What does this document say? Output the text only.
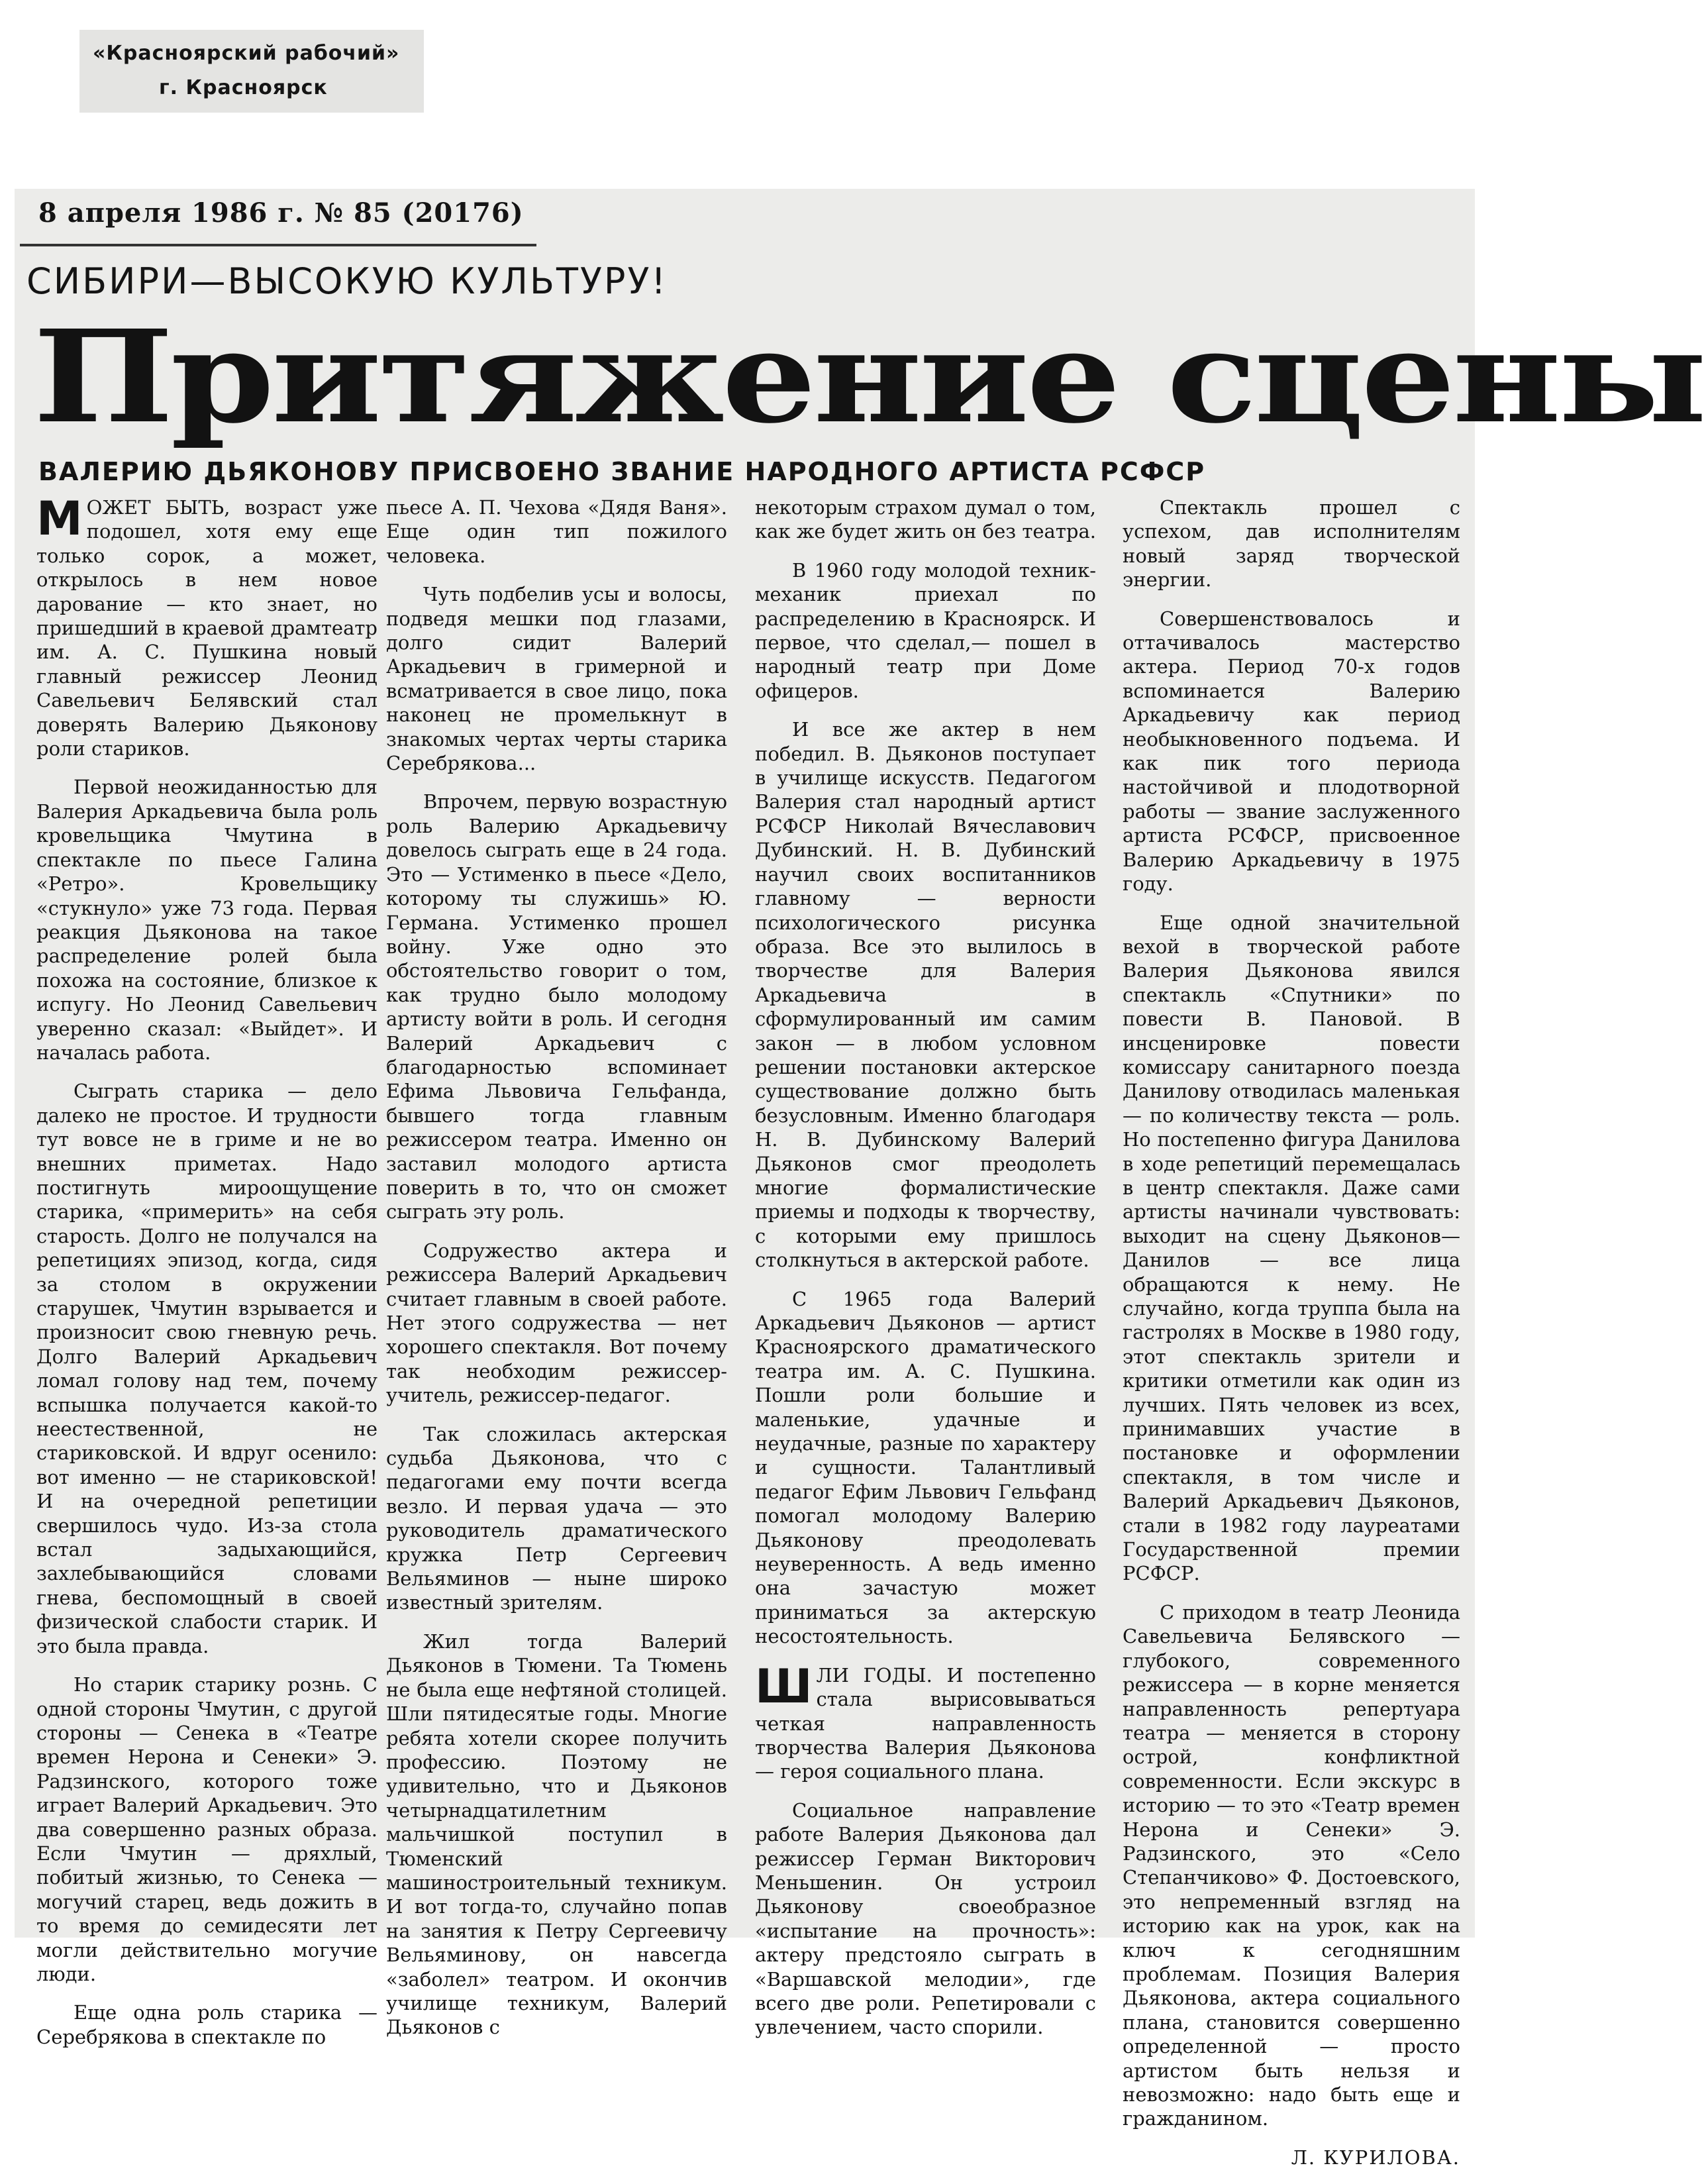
«Красноярский рабочий»
г. Красноярск
8 апреля 1986 г. № 85 (20176)
СИБИРИ—ВЫСОКУЮ КУЛЬТУРУ!
Притяжение сцены
ВАЛЕРИЮ ДЬЯКОНОВУ ПРИСВОЕНО ЗВАНИЕ НАРОДНОГО АРТИСТА РСФСР

МОЖЕТ БЫТЬ, возраст уже подошел, хотя ему еще только сорок, а может, открылось в нем новое дарование — кто знает, но пришедший в краевой драмтеатр им. А. С. Пушкина новый главный режиссер Леонид Савельевич Белявский стал доверять Валерию Дьяконову роли стариков.

Первой неожиданностью для Валерия Аркадьевича была роль кровельщика Чмутина в спектакле по пьесе Галина «Ретро». Кровельщику «стукнуло» уже 73 года. Первая реакция Дьяконова на такое распределение ролей была похожа на состояние, близкое к испугу. Но Леонид Савельевич уверенно сказал: «Выйдет». И началась работа.

Сыграть старика — дело далеко не простое. И трудности тут вовсе не в гриме и не во внешних приметах. Надо постигнуть мироощущение старика, «примерить» на себя старость. Долго не получался на репетициях эпизод, когда, сидя за столом в окружении старушек, Чмутин взрывается и произносит свою гневную речь. Долго Валерий Аркадьевич ломал голову над тем, почему вспышка получается какой-то неестественной, не стариковской. И вдруг осенило: вот именно — не стариковской! И на очередной репетиции свершилось чудо. Из-за стола встал задыхающийся, захлебывающийся словами гнева, беспомощный в своей физической слабости старик. И это была правда.

Но старик старику рознь. С одной стороны Чмутин, с другой стороны — Сенека в «Театре времен Нерона и Сенеки» Э. Радзинского, которого тоже играет Валерий Аркадьевич. Это два совершенно разных образа. Если Чмутин — дряхлый, побитый жизнью, то Сенека — могучий старец, ведь дожить в то время до семидесяти лет могли действительно могучие люди.

Еще одна роль старика — Серебрякова в спектакле по

пьесе А. П. Чехова «Дядя Ваня». Еще один тип пожилого человека.

Чуть подбелив усы и волосы, подведя мешки под глазами, долго сидит Валерий Аркадьевич в гримерной и всматривается в свое лицо, пока наконец не промелькнут в знакомых чертах черты старика Серебрякова...

Впрочем, первую возрастную роль Валерию Аркадьевичу довелось сыграть еще в 24 года. Это — Устименко в пьесе «Дело, которому ты служишь» Ю. Германа. Устименко прошел войну. Уже одно это обстоятельство говорит о том, как трудно было молодому артисту войти в роль. И сегодня Валерий Аркадьевич с благодарностью вспоминает Ефима Львовича Гельфанда, бывшего тогда главным режиссером театра. Именно он заставил молодого артиста поверить в то, что он сможет сыграть эту роль.

Содружество актера и режиссера Валерий Аркадьевич считает главным в своей работе. Нет этого содружества — нет хорошего спектакля. Вот почему так необходим режиссер-учитель, режиссер-педагог.

Так сложилась актерская судьба Дьяконова, что с педагогами ему почти всегда везло. И первая удача — это руководитель драматического кружка Петр Сергеевич Вельяминов — ныне широко известный зрителям.

Жил тогда Валерий Дьяконов в Тюмени. Та Тюмень не была еще нефтяной столицей. Шли пятидесятые годы. Многие ребята хотели скорее получить профессию. Поэтому не удивительно, что и Дьяконов четырнадцатилетним мальчишкой поступил в Тюменский машиностроительный техникум. И вот тогда-то, случайно попав на занятия к Петру Сергеевичу Вельяминову, он навсегда «заболел» театром. И окончив училище техникум, Валерий Дьяконов с

некоторым страхом думал о том, как же будет жить он без театра.

В 1960 году молодой техник-механик приехал по распределению в Красноярск. И первое, что сделал,— пошел в народный театр при Доме офицеров.

И все же актер в нем победил. В. Дьяконов поступает в училище искусств. Педагогом Валерия стал народный артист РСФСР Николай Вячеславович Дубинский. Н. В. Дубинский научил своих воспитанников главному — верности психологического рисунка образа. Все это вылилось в творчестве для Валерия Аркадьевича в сформулированный им самим закон — в любом условном решении постановки актерское существование должно быть безусловным. Именно благодаря Н. В. Дубинскому Валерий Дьяконов смог преодолеть многие формалистические приемы и подходы к творчеству, с которыми ему пришлось столкнуться в актерской работе.

С 1965 года Валерий Аркадьевич Дьяконов — артист Красноярского драматического театра им. А. С. Пушкина. Пошли роли большие и маленькие, удачные и неудачные, разные по характеру и сущности. Талантливый педагог Ефим Львович Гельфанд помогал молодому Валерию Дьяконову преодолевать неуверенность. А ведь именно она зачастую может приниматься за актерскую несостоятельность.

ШЛИ ГОДЫ. И постепенно стала вырисовываться четкая направленность творчества Валерия Дьяконова — героя социального плана.

Социальное направление работе Валерия Дьяконова дал режиссер Герман Викторович Меньшенин. Он устроил Дьяконову своеобразное «испытание на прочность»: актеру предстояло сыграть в «Варшавской мелодии», где всего две роли. Репетировали с увлечением, часто спорили.

Спектакль прошел с успехом, дав исполнителям новый заряд творческой энергии.

Совершенствовалось и оттачивалось мастерство актера. Период 70-х годов вспоминается Валерию Аркадьевичу как период необыкновенного подъема. И как пик того периода настойчивой и плодотворной работы — звание заслуженного артиста РСФСР, присвоенное Валерию Аркадьевичу в 1975 году.

Еще одной значительной вехой в творческой работе Валерия Дьяконова явился спектакль «Спутники» по повести В. Пановой. В инсценировке повести комиссару санитарного поезда Данилову отводилась маленькая — по количеству текста — роль. Но постепенно фигура Данилова в ходе репетиций перемещалась в центр спектакля. Даже сами артисты начинали чувствовать: выходит на сцену Дьяконов—Данилов — все лица обращаются к нему. Не случайно, когда труппа была на гастролях в Москве в 1980 году, этот спектакль зрители и критики отметили как один из лучших. Пять человек из всех, принимавших участие в постановке и оформлении спектакля, в том числе и Валерий Аркадьевич Дьяконов, стали в 1982 году лауреатами Государственной премии РСФСР.

С приходом в театр Леонида Савельевича Белявского — глубокого, современного режиссера — в корне меняется направленность репертуара театра — меняется в сторону острой, конфликтной современности. Если экскурс в историю — то это «Театр времен Нерона и Сенеки» Э. Радзинского, это «Село Степанчиково» Ф. Достоевского, это непременный взгляд на историю как на урок, как на ключ к сегодняшним проблемам. Позиция Валерия Дьяконова, актера социального плана, становится совершенно определенной — просто артистом быть нельзя и невозможно: надо быть еще и гражданином.

Л. КУРИЛОВА.
